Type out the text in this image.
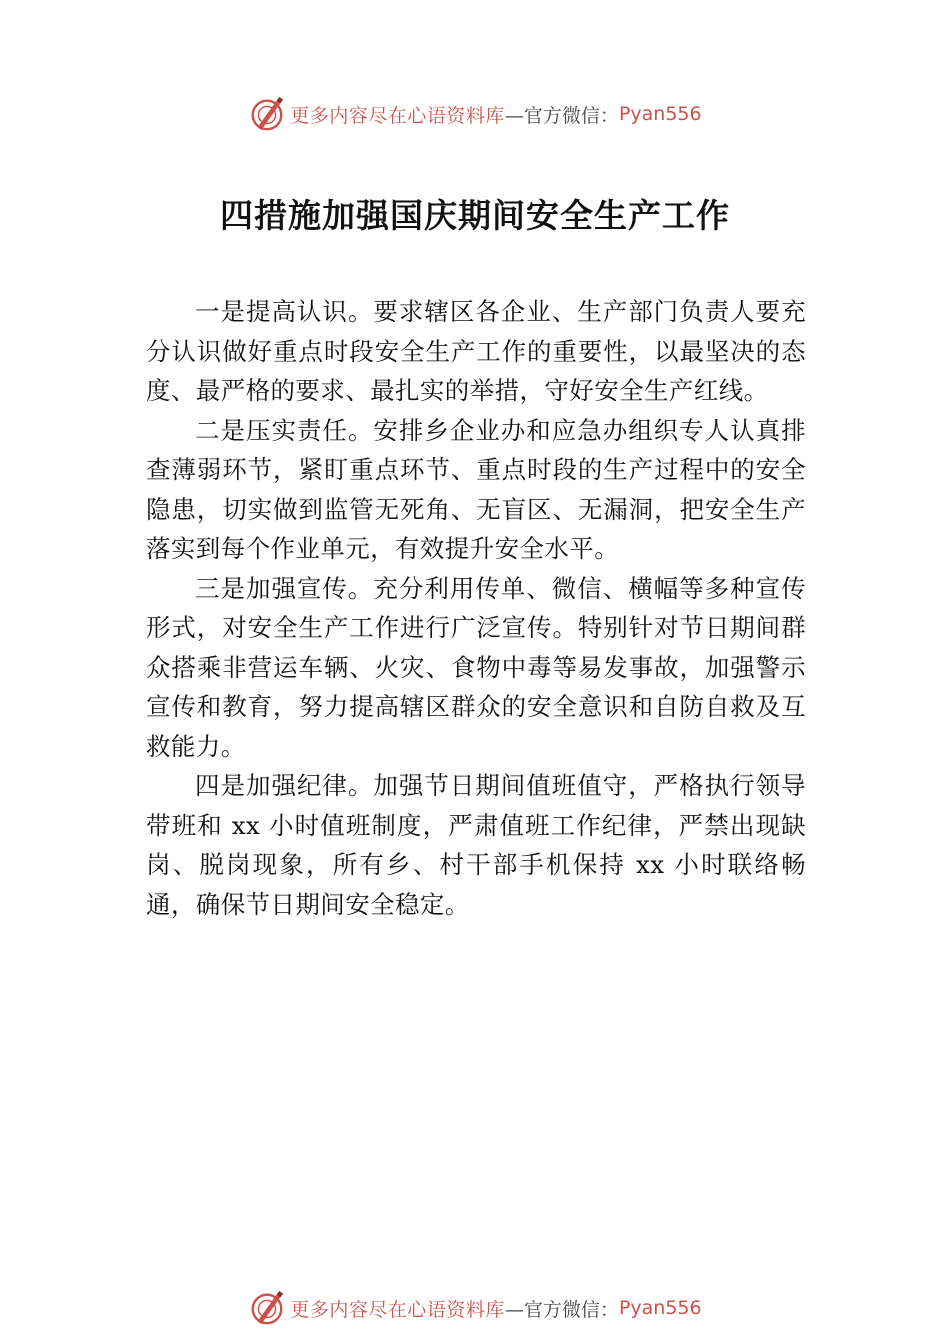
更多内容尽在心语资料库 —官方微信： Pyan556
四措施加强国庆期间安全生产工作

一是提高认识。要求辖区各企业、生产部门负责人要充分认识做好重点时段安全生产工作的重要性，以最坚决的态度、最严格的要求、最扎实的举措，守好安全生产红线。

二是压实责任。安排乡企业办和应急办组织专人认真排查薄弱环节，紧盯重点环节、重点时段的生产过程中的安全隐患，切实做到监管无死角、无盲区、无漏洞，把安全生产落实到每个作业单元，有效提升安全水平。

三是加强宣传。充分利用传单、微信、横幅等多种宣传形式，对安全生产工作进行广泛宣传。特别针对节日期间群众搭乘非营运车辆、火灾、食物中毒等易发事故，加强警示宣传和教育，努力提高辖区群众的安全意识和自防自救及互救能力。

四是加强纪律。加强节日期间值班值守，严格执行领导带班和 xx 小时值班制度，严肃值班工作纪律，严禁出现缺岗、脱岗现象，所有乡、村干部手机保持 xx 小时联络畅通，确保节日期间安全稳定。

更多内容尽在心语资料库 —官方微信： Pyan556
